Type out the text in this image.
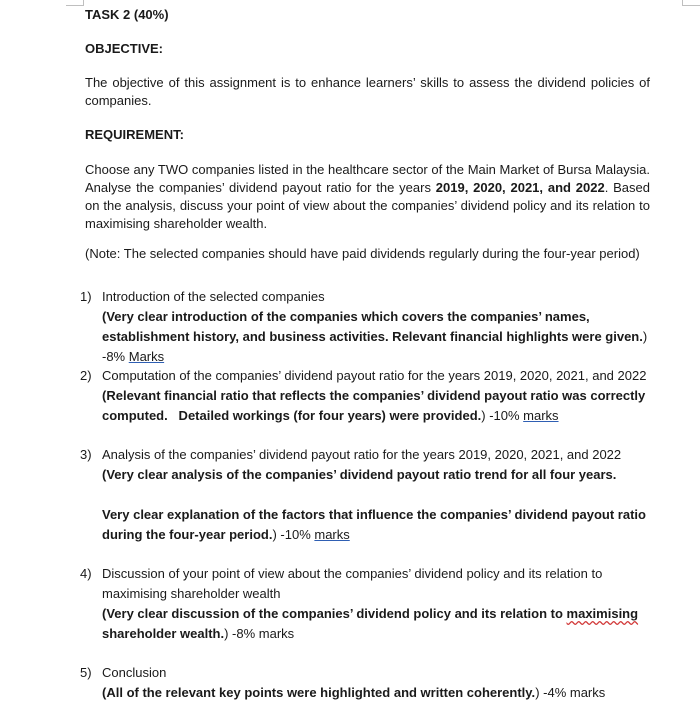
TASK 2 (40%)
OBJECTIVE:
The objective of this assignment is to enhance learners’ skills to assess the dividend policies of companies.
REQUIREMENT:
Choose any TWO companies listed in the healthcare sector of the Main Market of Bursa Malaysia. Analyse the companies’ dividend payout ratio for the years 2019, 2020, 2021, and 2022. Based on the analysis, discuss your point of view about the companies’ dividend policy and its relation to maximising shareholder wealth.
(Note: The selected companies should have paid dividends regularly during the four-year period)
1) Introduction of the selected companies
(Very clear introduction of the companies which covers the companies’ names, establishment history, and business activities. Relevant financial highlights were given.) -8% Marks
2) Computation of the companies’ dividend payout ratio for the years 2019, 2020, 2021, and 2022
(Relevant financial ratio that reflects the companies’ dividend payout ratio was correctly computed.   Detailed workings (for four years) were provided.) -10% marks
3) Analysis of the companies’ dividend payout ratio for the years 2019, 2020, 2021, and 2022
(Very clear analysis of the companies’ dividend payout ratio trend for all four years.
Very clear explanation of the factors that influence the companies’ dividend payout ratio during the four-year period.) -10% marks
4) Discussion of your point of view about the companies’ dividend policy and its relation to maximising shareholder wealth
(Very clear discussion of the companies’ dividend policy and its relation to maximising shareholder wealth.) -8% marks
5) Conclusion
(All of the relevant key points were highlighted and written coherently.) -4% marks
